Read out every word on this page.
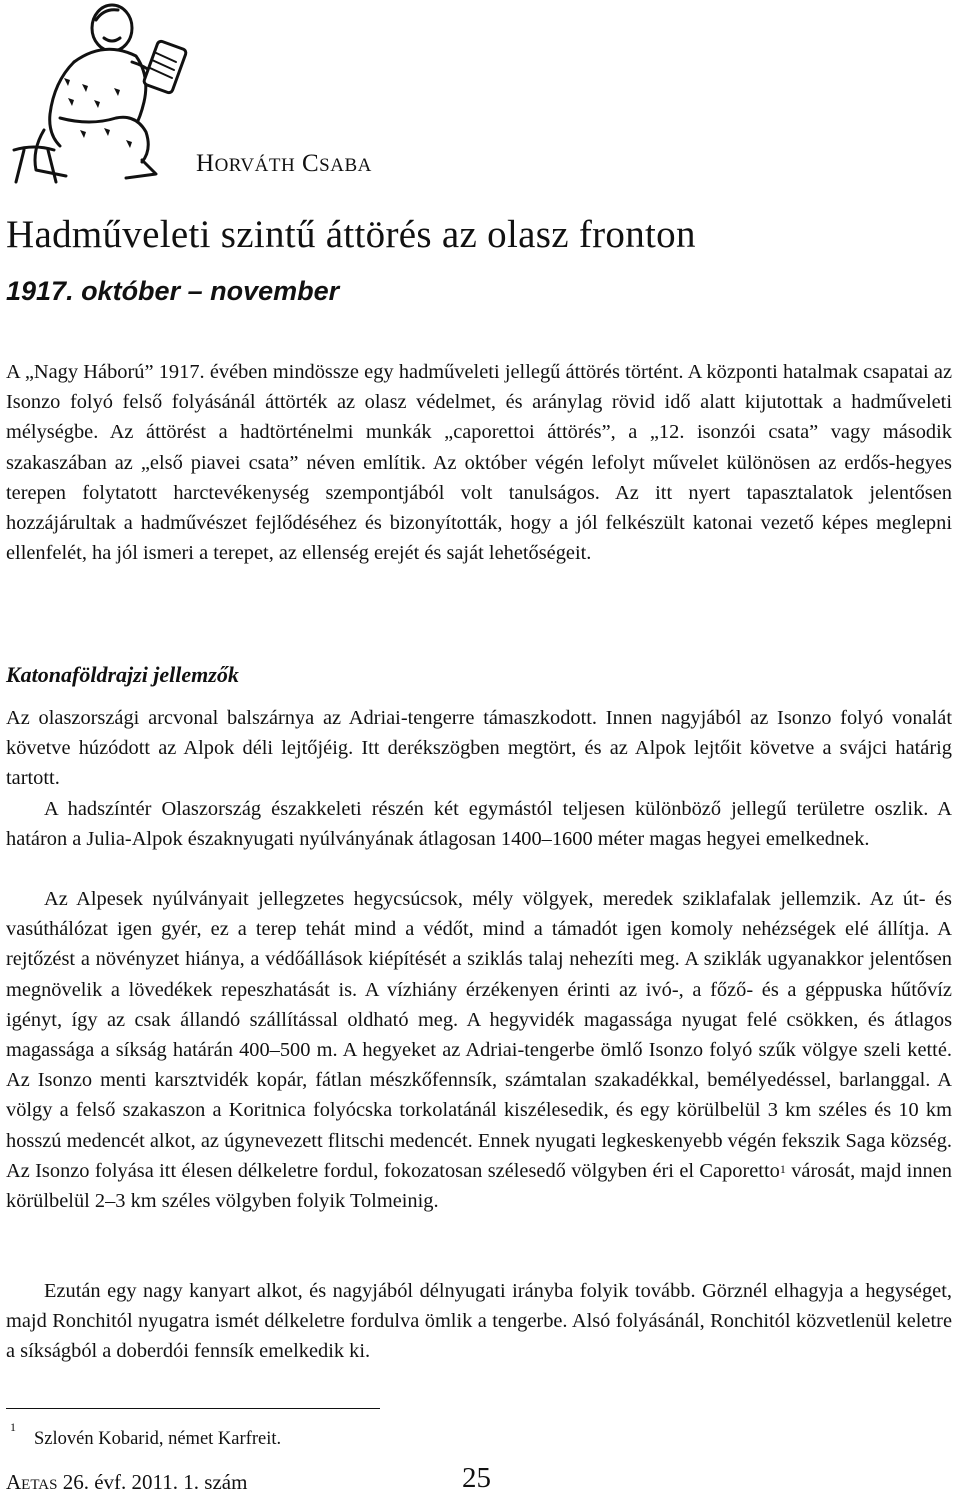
HORVÁTH CSABA
Hadműveleti szintű áttörés az olasz fronton
1917. október – november

A „Nagy Háború” 1917. évében mindössze egy hadműveleti jellegű áttörés történt. A központi hatalmak csapatai az Isonzo folyó felső folyásánál áttörték az olasz védelmet, és aránylag rövid idő alatt kijutottak a hadműveleti mélységbe. Az áttörést a hadtörténelmi munkák „caporettoi áttörés”, a „12. isonzói csata” vagy második szakaszában az „első piavei csata” néven említik. Az október végén lefolyt művelet különösen az erdős-hegyes terepen folytatott harctevékenység szempontjából volt tanulságos. Az itt nyert tapasztalatok jelentősen hozzájárultak a hadművészet fejlődéséhez és bizonyították, hogy a jól felkészült katonai vezető képes meglepni ellenfelét, ha jól ismeri a terepet, az ellenség erejét és saját lehetőségeit.

Katonaföldrajzi jellemzők

Az olaszországi arcvonal balszárnya az Adriai-tengerre támaszkodott. Innen nagyjából az Isonzo folyó vonalát követve húzódott az Alpok déli lejtőjéig. Itt derékszögben megtört, és az Alpok lejtőit követve a svájci határig tartott.

A hadszíntér Olaszország északkeleti részén két egymástól teljesen különböző jellegű területre oszlik. A határon a Julia-Alpok északnyugati nyúlványának átlagosan 1400–1600 méter magas hegyei emelkednek.

Az Alpesek nyúlványait jellegzetes hegycsúcsok, mély völgyek, meredek sziklafalak jellemzik. Az út- és vasúthálózat igen gyér, ez a terep tehát mind a védőt, mind a támadót igen komoly nehézségek elé állítja. A rejtőzést a növényzet hiánya, a védőállások kiépítését a sziklás talaj nehezíti meg. A sziklák ugyanakkor jelentősen megnövelik a lövedékek repeszhatását is. A vízhiány érzékenyen érinti az ivó-, a főző- és a géppuska hűtővíz igényt, így az csak állandó szállítással oldható meg. A hegyvidék magassága nyugat felé csökken, és átlagos magassága a síkság határán 400–500 m. A hegyeket az Adriai-tengerbe ömlő Isonzo folyó szűk völgye szeli ketté. Az Isonzo menti karsztvidék kopár, fátlan mészkőfennsík, számtalan szakadékkal, bemélyedéssel, barlanggal. A völgy a felső szakaszon a Koritnica folyócska torkolatánál kiszélesedik, és egy körülbelül 3 km széles és 10 km hosszú medencét alkot, az úgynevezett flitschi medencét. Ennek nyugati legkeskenyebb végén fekszik Saga község. Az Isonzo folyása itt élesen délkeletre fordul, fokozatosan szélesedő völgyben éri el Caporetto$^1$ városát, majd innen körülbelül 2–3 km széles völgyben folyik Tolmeinig.

Ezután egy nagy kanyart alkot, és nagyjából délnyugati irányba folyik tovább. Görznél elhagyja a hegységet, majd Ronchitól nyugatra ismét délkeletre fordulva ömlik a tengerbe. Alsó folyásánál, Ronchitól közvetlenül keletre a síkságból a doberdói fennsík emelkedik ki.

$^1$Szlovén Kobarid, német Karfreit.
AETAS 26. évf. 2011. 1. szám	25
